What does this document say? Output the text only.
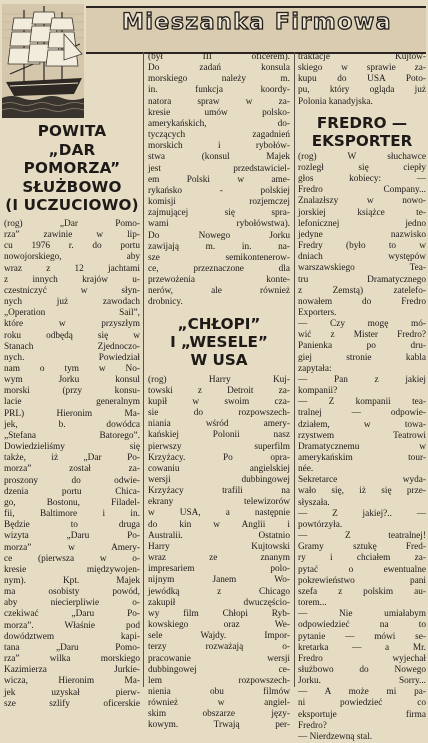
Mieszanka Firmowa
POWITA
„DAR
POMORZA”
SŁUŻBOWO
(I UCZUCIOWO)
(rog) „Dar Pomo-
rza” zawinie w lip-
cu 1976 r. do portu
nowojorskiego, aby
wraz z 12 jachtami
z innych krajów u-
czestniczyć w słyn-
nych już zawodach
„Operation Sail”,
które w przyszłym
roku odbędą się w
Stanach Zjednoczo-
nych. Powiedział
nam o tym w No-
wym Jorku konsul
morski (przy konsu-
lacie generalnym
PRL) Hieronim Ma-
jek, b. dowódca
„Stefana Batorego”.
Dowiedzieliśmy się
także, iż „Dar Po-
morza” został za-
proszony do odwie-
dzenia portu Chica-
go, Bostonu, Filadel-
fii, Baltimore i in.
Będzie to druga
wizyta „Daru Po-
morza” w Amery-
ce (pierwsza w o-
kresie międzywojen-
nym). Kpt. Majek
ma osobisty powód,
aby niecierpliwie o-
czekiwać „Daru Po-
morza”. Właśnie pod
dowództwem kapi-
tana „Daru Pomo-
rza” wilka morskiego
Kazimierza Jurkie-
wicza, Hieronim Ma-
jek uzyskał pierw-
sze szlify oficerskie
(był III oficerem).
Do zadań konsula
morskiego należy m.
in. funkcja koordy-
natora spraw w za-
kresie umów polsko-
amerykańskich, do-
tyczących zagadnień
morskich i rybołów-
stwa (konsul Majek
jest przedstawiciel-
em Polski w ame-
rykańsko - polskiej
komisji rozjemczej
zajmującej się spra-
wami rybołówstwa).
Do Nowego Jorku
zawijają m. in. na-
sze semikontenerow-
ce, przeznaczone dla
przewożenia konte-
nerów, ale również
drobnicy.
„CHŁOPI”
I „WESELE”
W USA
(rog) Harry Kuj-
towski z Detroit za-
kupił w swoim cza-
sie do rozpowszech-
niania wśród amery-
kańskiej Polonii nasz
pierwszy superfilm
Krzyżacy. Po opra-
cowaniu angielskiej
wersji dubbingowej
Krzyżacy trafili na
ekrany telewizorów
w USA, a następnie
do kin w Anglii i
Australii. Ostatnio
Harry Kujtowski
wraz ze znanym
impresariem polo-
nijnym Janem Wo-
jewódką z Chicago
zakupił dwuczęścio-
wy film Chłopi Ryb-
kowskiego oraz We-
sele Wajdy. Impor-
terzy rozważają o-
pracowanie wersji
dubbingowej ce-
lem rozpowszech-
nienia obu filmów
również w angiel-
skim obszarze języ-
kowym. Trwają per-
traktacje Kujtow-
skiego w sprawie za-
kupu do USA Poto-
pu, który ogląda już
Polonia kanadyjska.
FREDRO —
EKSPORTER
(rog) W słuchawce
rozległ się ciepły
głos kobiecy: —
Fredro Company...
Znalazłszy w nowo-
jorskiej książce te-
lefonicznej jedno
jedyne nazwisko
Fredry (było to w
dniach występów
warszawskiego Tea-
tru Dramatycznego
z Zemstą) zatelefo-
nowałem do Fredro
Exporters.
— Czy mogę mó-
wić z Mister Fredro?
Panienka po dru-
giej stronie kabla
zapytała:
— Pan z jakiej
kompanii?
— Z kompanii tea-
tralnej — odpowie-
działem, w towa-
rzystwem Teatrowi
Dramatycznemu w
amerykańskim tour-
née.
Sekretarce wyda-
wało się, iż się prze-
słyszała.
— Z jakiej?.. —
powtórzyła.
— Z teatralnej!
Gramy sztukę Fred-
ry i chciałem za-
pytać o ewentualne
pokrewieństwo pani
szefa z polskim au-
torem...
— Nie umiałabym
odpowiedzieć na to
pytanie — mówi se-
kretarka — a Mr.
Fredro wyjechał
służbowo do Nowego
Jorku. Sorry...
— A może mi pa-
ni powiedzieć co
eksportuje firma
Fredro?
— Nierdzewną stal.
